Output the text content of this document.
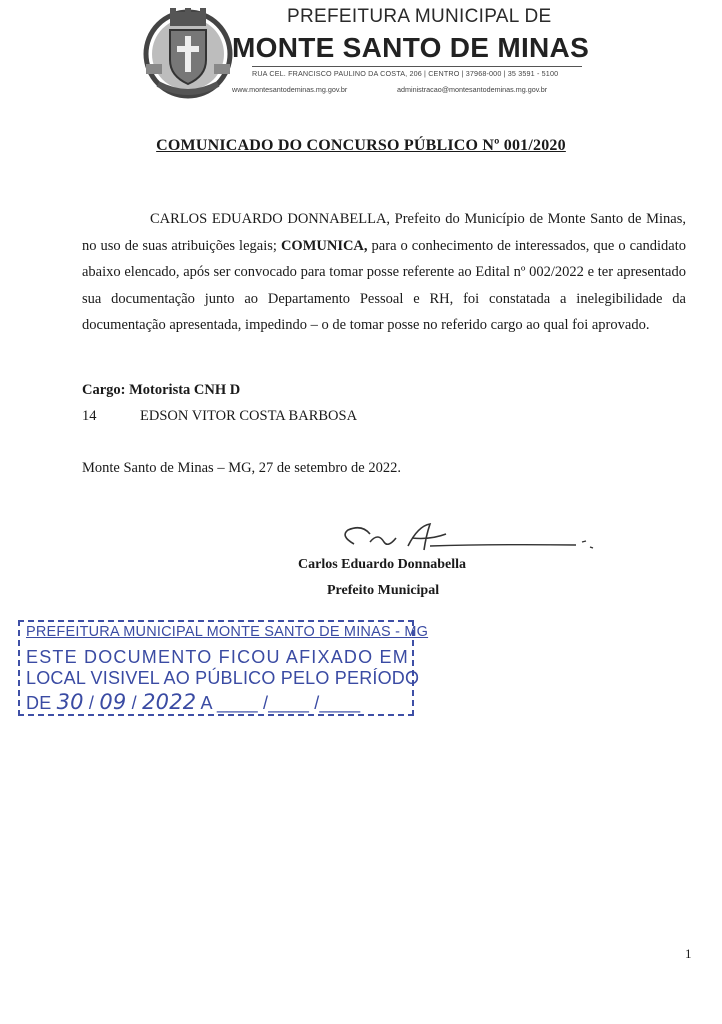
PREFEITURA MUNICIPAL DE
MONTE SANTO DE MINAS
RUA CEL. FRANCISCO PAULINO DA COSTA, 206 | CENTRO | 37968-000 | 35 3591 - 5100
www.montesantodeminas.mg.gov.br	administracao@montesantodeminas.mg.gov.br
COMUNICADO DO CONCURSO PÚBLICO Nº 001/2020
CARLOS EDUARDO DONNABELLA, Prefeito do Município de Monte Santo de Minas, no uso de suas atribuições legais; COMUNICA, para o conhecimento de interessados, que o candidato abaixo elencado, após ser convocado para tomar posse referente ao Edital nº 002/2022 e ter apresentado sua documentação junto ao Departamento Pessoal e RH, foi constatada a inelegibilidade da documentação apresentada, impedindo – o de tomar posse no referido cargo ao qual foi aprovado.
Cargo: Motorista CNH D
14	EDSON VITOR COSTA BARBOSA
Monte Santo de Minas – MG, 27 de setembro de 2022.
Carlos Eduardo Donnabella
Prefeito Municipal
PREFEITURA MUNICIPAL MONTE SANTO DE MINAS - MG
ESTE DOCUMENTO FICOU AFIXADO EM
LOCAL VISIVEL AO PÚBLICO PELO PERÍODO
DE 30 / 09 / 2022 A ____ /____ /____
1
